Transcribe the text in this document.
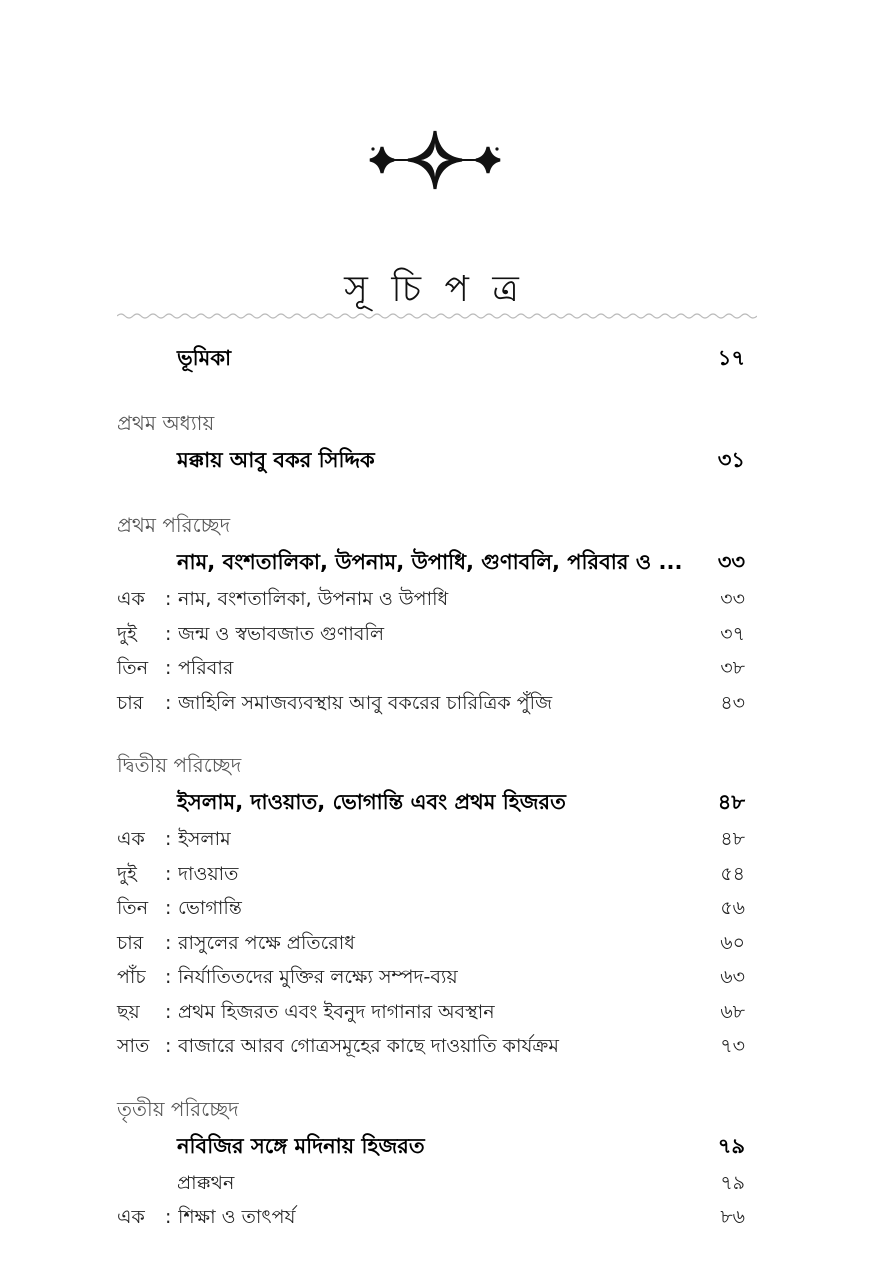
সূ চি প ত্র
ভূমিকা	১৭
প্রথম অধ্যায়
মক্কায় আবু বকর সিদ্দিক	৩১
প্রথম পরিচ্ছেদ
নাম, বংশতালিকা, উপনাম, উপাধি, গুণাবলি, পরিবার ও ...	৩৩
এক	: নাম, বংশতালিকা, উপনাম ও উপাধি	৩৩
দুই	: জন্ম ও স্বভাবজাত গুণাবলি	৩৭
তিন : পরিবার	৩৮
চার	: জাহিলি সমাজব্যবস্থায় আবু বকরের চারিত্রিক পুঁজি	৪৩
দ্বিতীয় পরিচ্ছেদ
ইসলাম, দাওয়াত, ভোগান্তি এবং প্রথম হিজরত	৪৮
এক	: ইসলাম	৪৮
দুই	: দাওয়াত	৫৪
তিন : ভোগান্তি	৫৬
চার	: রাসুলের পক্ষে প্রতিরোধ	৬০
পাঁচ	: নির্যাতিতদের মুক্তির লক্ষ্যে সম্পদ-ব্যয়	৬৩
ছয়	: প্রথম হিজরত এবং ইবনুদ দাগানার অবস্থান	৬৮
সাত : বাজারে আরব গোত্রসমূহের কাছে দাওয়াতি কার্যক্রম	৭৩
তৃতীয় পরিচ্ছেদ
নবিজির সঙ্গে মদিনায় হিজরত	৭৯
প্রাক্কথন	৭৯
এক	: শিক্ষা ও তাৎপর্য	৮৬
